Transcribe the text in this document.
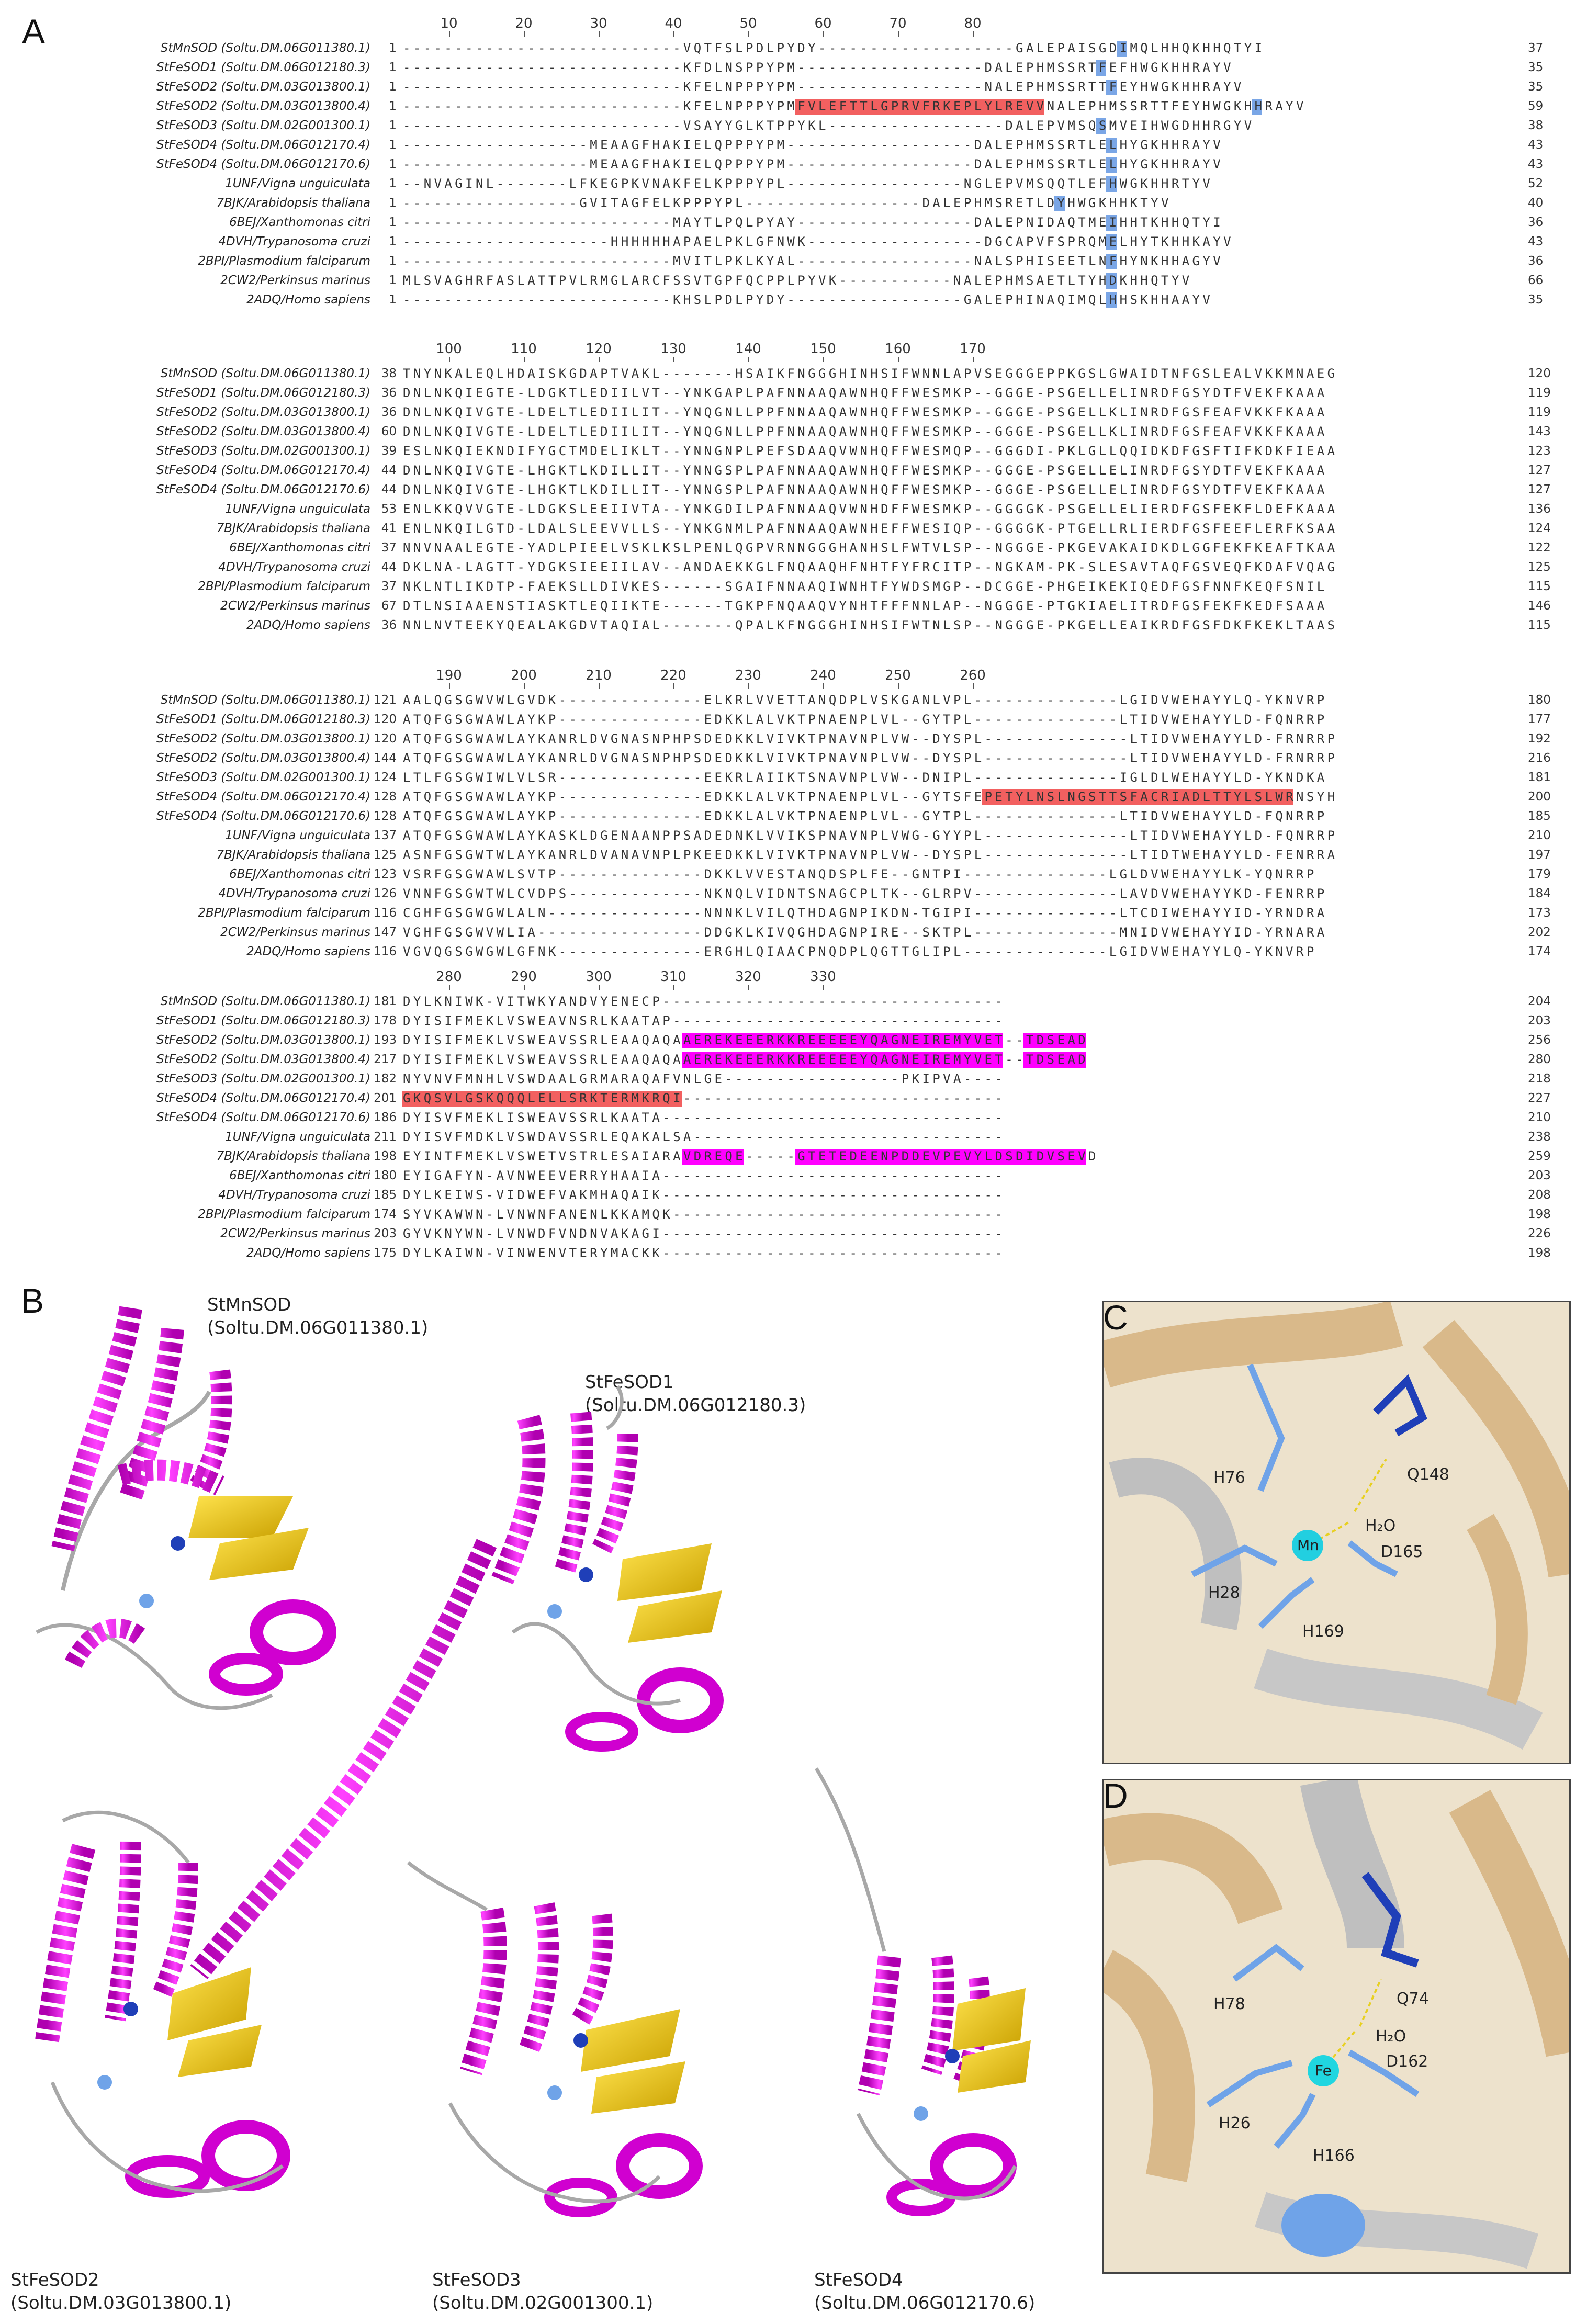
A	10	20	30	40	50	60	70	80
StMnSOD (Soltu.DM.06G011380.1)	1 ---------------------------VQTFSLPDLPYDY-------------------GALEPAISGDIMQLHHQKHHQTYI	37
StFeSOD1 (Soltu.DM.06G012180.3)	1 ---------------------------KFDLNSPPYPM------------------DALEPHMSSRTFEFHWGKHHRAYV	35
StFeSOD2 (Soltu.DM.03G013800.1)	1 ---------------------------KFELNPPPYPM------------------NALEPHMSSRTTFEYHWGKHHRAYV	35
StFeSOD2 (Soltu.DM.03G013800.4)	1 ---------------------------KFELNPPPYPMFVLEFTTLGPRVFRKEPLYLREVVNALEPHMSSRTTFEYHWGKHHRAYV	59
StFeSOD3 (Soltu.DM.02G001300.1)	1 ---------------------------VSAYYGLKTPPYKL-----------------DALEPVMSQSMVEIHWGDHHRGYV	38
StFeSOD4 (Soltu.DM.06G012170.4)	1 ------------------MEAAGFHAKIELQPPPYPM------------------DALEPHMSSRTLELHYGKHHRAYV	43
StFeSOD4 (Soltu.DM.06G012170.6)	1 ------------------MEAAGFHAKIELQPPPYPM------------------DALEPHMSSRTLELHYGKHHRAYV	43
1UNF/Vigna unguiculata	1 --NVAGINL-------LFKEGPKVNAKFELKPPPYPL-----------------NGLEPVMSQQTLEFHWGKHHRTYV	52
7BJK/Arabidopsis thaliana	1 -----------------GVITAGFELKPPPYPL-----------------DALEPHMSRETLDYHWGKHHKTYV	40
6BEJ/Xanthomonas citri	1 --------------------------MAYTLPQLPYAY-----------------DALEPNIDAQTMEIHHTKHHQTYI	36
4DVH/Trypanosoma cruzi	1 --------------------HHHHHHAPAELPKLGFNWK-----------------DGCAPVFSPRQMELHYTKHHKAYV	43
2BPI/Plasmodium falciparum	1 --------------------------MVITLPKLKYAL-----------------NALSPHISEETLNFHYNKHHAGYV	36
2CW2/Perkinsus marinus	1 MLSVAGHRFASLATTPVLRMGLARCFSSVTGPFQCPPLPYVK-----------NALEPHMSAETLTYHDKHHQTYV	66
2ADQ/Homo sapiens	1 --------------------------KHSLPDLPYDY-----------------GALEPHINAQIMQLHHSKHHAAYV	35
100	110	120	130	140	150	160	170
StMnSOD (Soltu.DM.06G011380.1) 38 TNYNKALEQLHDAISKGDAPTVAKL-------HSAIKFNGGGHINHSIFWNNLAPVSEGGGEPPKGSLGWAIDTNFGSLEALVKKMNAEG	120
StFeSOD1 (Soltu.DM.06G012180.3) 36 DNLNKQIEGTE-LDGKTLEDIILVT--YNKGAPLPAFNNAAQAWNHQFFWESMKP--GGGE-PSGELLELINRDFGSYDTFVEKFKAAA	119
StFeSOD2 (Soltu.DM.03G013800.1) 36 DNLNKQIVGTE-LDELTLEDIILIT--YNQGNLLPPFNNAAQAWNHQFFWESMKP--GGGE-PSGELLKLINRDFGSFEAFVKKFKAAA	119
StFeSOD2 (Soltu.DM.03G013800.4) 60 DNLNKQIVGTE-LDELTLEDIILIT--YNQGNLLPPFNNAAQAWNHQFFWESMKP--GGGE-PSGELLKLINRDFGSFEAFVKKFKAAA	143
StFeSOD3 (Soltu.DM.02G001300.1) 39 ESLNKQIEKNDIFYGCTMDELIKLT--YNNGNPLPEFSDAAQVWNHQFFWESMQP--GGGDI-PKLGLLQQIDKDFGSFTIFKDKFIEAA	123
StFeSOD4 (Soltu.DM.06G012170.4) 44 DNLNKQIVGTE-LHGKTLKDILLIT--YNNGSPLPAFNNAAQAWNHQFFWESMKP--GGGE-PSGELLELINRDFGSYDTFVEKFKAAA	127
StFeSOD4 (Soltu.DM.06G012170.6) 44 DNLNKQIVGTE-LHGKTLKDILLIT--YNNGSPLPAFNNAAQAWNHQFFWESMKP--GGGE-PSGELLELINRDFGSYDTFVEKFKAAA	127
1UNF/Vigna unguiculata 53 ENLKKQVVGTE-LDGKSLEEIIVTA--YNKGDILPAFNNAAQVWNHDFFWESMKP--GGGGK-PSGELLELIERDFGSFEKFLDEFKAAA	136
7BJK/Arabidopsis thaliana 41 ENLNKQILGTD-LDALSLEEVVLLS--YNKGNMLPAFNNAAQAWNHEFFWESIQP--GGGGK-PTGELLRLIERDFGSFEEFLERFKSAA	124
6BEJ/Xanthomonas citri 37 NNVNAALEGTE-YADLPIEELVSKLKSLPENLQGPVRNNGGGHANHSLFWTVLSP--NGGGE-PKGEVAKAIDKDLGGFEKFKEAFTKAA	122
4DVH/Trypanosoma cruzi 44 DKLNA-LAGTT-YDGKSIEEIILAV--ANDAEKKGLFNQAAQHFNHTFYFRCITP--NGKAM-PK-SLESAVTAQFGSVEQFKDAFVQAG	125
2BPI/Plasmodium falciparum 37 NKLNTLIKDTP-FAEKSLLDIVKES------SGAIFNNAAQIWNHTFYWDSMGP--DCGGE-PHGEIKEKIQEDFGSFNNFKEQFSNIL	115
2CW2/Perkinsus marinus 67 DTLNSIAAENSTIASKTLEQIIKTE------TGKPFNQAAQVYNHTFFFNNLAP--NGGGE-PTGKIAELITRDFGSFEKFKEDFSAAA	146
2ADQ/Homo sapiens 36 NNLNVTEEKYQEALAKGDVTAQIAL-------QPALKFNGGGHINHSIFWTNLSP--NGGGE-PKGELLEAIKRDFGSFDKFKEKLTAAS	115
190	200	210	220	230	240	250	260
StMnSOD (Soltu.DM.06G011380.1) 121 AALQGSGWVWLGVDK--------------ELKRLVVETTANQDPLVSKGANLVPL--------------LGIDVWEHAYYLQ-YKNVRP	180
StFeSOD1 (Soltu.DM.06G012180.3) 120 ATQFGSGWAWLAYKP--------------EDKKLALVKTPNAENPLVL--GYTPL--------------LTIDVWEHAYYLD-FQNRRP	177
StFeSOD2 (Soltu.DM.03G013800.1) 120 ATQFGSGWAWLAYKANRLDVGNASNPHPSDEDKKLVIVKTPNAVNPLVW--DYSPL--------------LTIDVWEHAYYLD-FRNRRP	192
StFeSOD2 (Soltu.DM.03G013800.4) 144 ATQFGSGWAWLAYKANRLDVGNASNPHPSDEDKKLVIVKTPNAVNPLVW--DYSPL--------------LTIDVWEHAYYLD-FRNRRP	216
StFeSOD3 (Soltu.DM.02G001300.1) 124 LTLFGSGWIWLVLSR--------------EEKRLAIIKTSNAVNPLVW--DNIPL--------------IGLDLWEHAYYLD-YKNDKA	181
StFeSOD4 (Soltu.DM.06G012170.4) 128 ATQFGSGWAWLAYKP--------------EDKKLALVKTPNAENPLVL--GYTSFEPETYLNSLNGSTTSFACRIADLTTYLSLWRNSYH	200
StFeSOD4 (Soltu.DM.06G012170.6) 128 ATQFGSGWAWLAYKP--------------EDKKLALVKTPNAENPLVL--GYTPL--------------LTIDVWEHAYYLD-FQNRRP	185
1UNF/Vigna unguiculata 137 ATQFGSGWAWLAYKASKLDGENAANPPSADEDNKLVVIKSPNAVNPLVWG-GYYPL--------------LTIDVWEHAYYLD-FQNRRP	210
7BJK/Arabidopsis thaliana 125 ASNFGSGWTWLAYKANRLDVANAVNPLPKEEDKKLVIVKTPNAVNPLVW--DYSPL--------------LTIDTWEHAYYLD-FENRRA	197
6BEJ/Xanthomonas citri 123 VSRFGSGWAWLSVTP--------------DKKLVVESTANQDSPLFE--GNTPI--------------LGLDVWEHAYYLK-YQNRRP	179
4DVH/Trypanosoma cruzi 126 VNNFGSGWTWLCVDPS-------------NKNQLVIDNTSNAGCPLTK--GLRPV--------------LAVDVWEHAYYKD-FENRRP	184
2BPI/Plasmodium falciparum 116 CGHFGSGWGWLALN---------------NNNKLVILQTHDAGNPIKDN-TGIPI--------------LTCDIWEHAYYID-YRNDRA	173
2CW2/Perkinsus marinus 147 VGHFGSGWVWLIA----------------DDGKLKIVQGHDAGNPIRE--SKTPL--------------MNIDVWEHAYYID-YRNARA	202
2ADQ/Homo sapiens 116 VGVQGSGWGWLGFNK--------------ERGHLQIAACPNQDPLQGTTGLIPL--------------LGIDVWEHAYYLQ-YKNVRP	174
280	290	300	310	320	330
StMnSOD (Soltu.DM.06G011380.1) 181 DYLKNIWK-VITWKYANDVYENECP---------------------------------	204
StFeSOD1 (Soltu.DM.06G012180.3) 178 DYISIFMEKLVSWEAVNSRLKAATAP--------------------------------	203
StFeSOD2 (Soltu.DM.03G013800.1) 193 DYISIFMEKLVSWEAVSSRLEAAQAQAAEREKEEERKKREEEEEYQAGNEIREMYVET--TDSEAD	256
StFeSOD2 (Soltu.DM.03G013800.4) 217 DYISIFMEKLVSWEAVSSRLEAAQAQAAEREKEEERKKREEEEEYQAGNEIREMYVET--TDSEAD	280
StFeSOD3 (Soltu.DM.02G001300.1) 182 NYVNVFMNHLVSWDAALGRMARAQAFVNLGE-----------------PKIPVA----	218
StFeSOD4 (Soltu.DM.06G012170.4) 201 GKQSVLGSKQQQLELLSRKTERMKRQI-------------------------------	227
StFeSOD4 (Soltu.DM.06G012170.6) 186 DYISVFMEKLISWEAVSSRLKAATA---------------------------------	210
1UNF/Vigna unguiculata 211 DYISVFMDKLVSWDAVSSRLEQAKALSA------------------------------	238
7BJK/Arabidopsis thaliana 198 EYINTFMEKLVSWETVSTRLESAIARAVDREQE-----GTETEDEENPDDEVPEVYLDSDIDVSEVD	259
6BEJ/Xanthomonas citri 180 EYIGAFYN-AVNWEEVERRYHAAIA---------------------------------	203
4DVH/Trypanosoma cruzi 185 DYLKEIWS-VIDWEFVAKMHAQAIK---------------------------------	208
2BPI/Plasmodium falciparum 174 SYVKAWWN-LVNWNFANENLKKAMQK--------------------------------	198
2CW2/Perkinsus marinus 203 GYVKNYWN-LVNWDFVNDNVAKAGI---------------------------------	226
2ADQ/Homo sapiens 175 DYLKAIWN-VINWENVTERYMACKK---------------------------------	198
B	StMnSOD
(Soltu.DM.06G011380.1)
StFeSOD1
(Soltu.DM.06G012180.3)
StFeSOD2
(Soltu.DM.03G013800.1)
StFeSOD3
(Soltu.DM.02G001300.1)
StFeSOD4
(Soltu.DM.06G012170.6)
Mn
H76	Q148
H₂O
D165
H28
H169
C
Fe
H78	Q74
H₂O
D162
H26
H166
D
